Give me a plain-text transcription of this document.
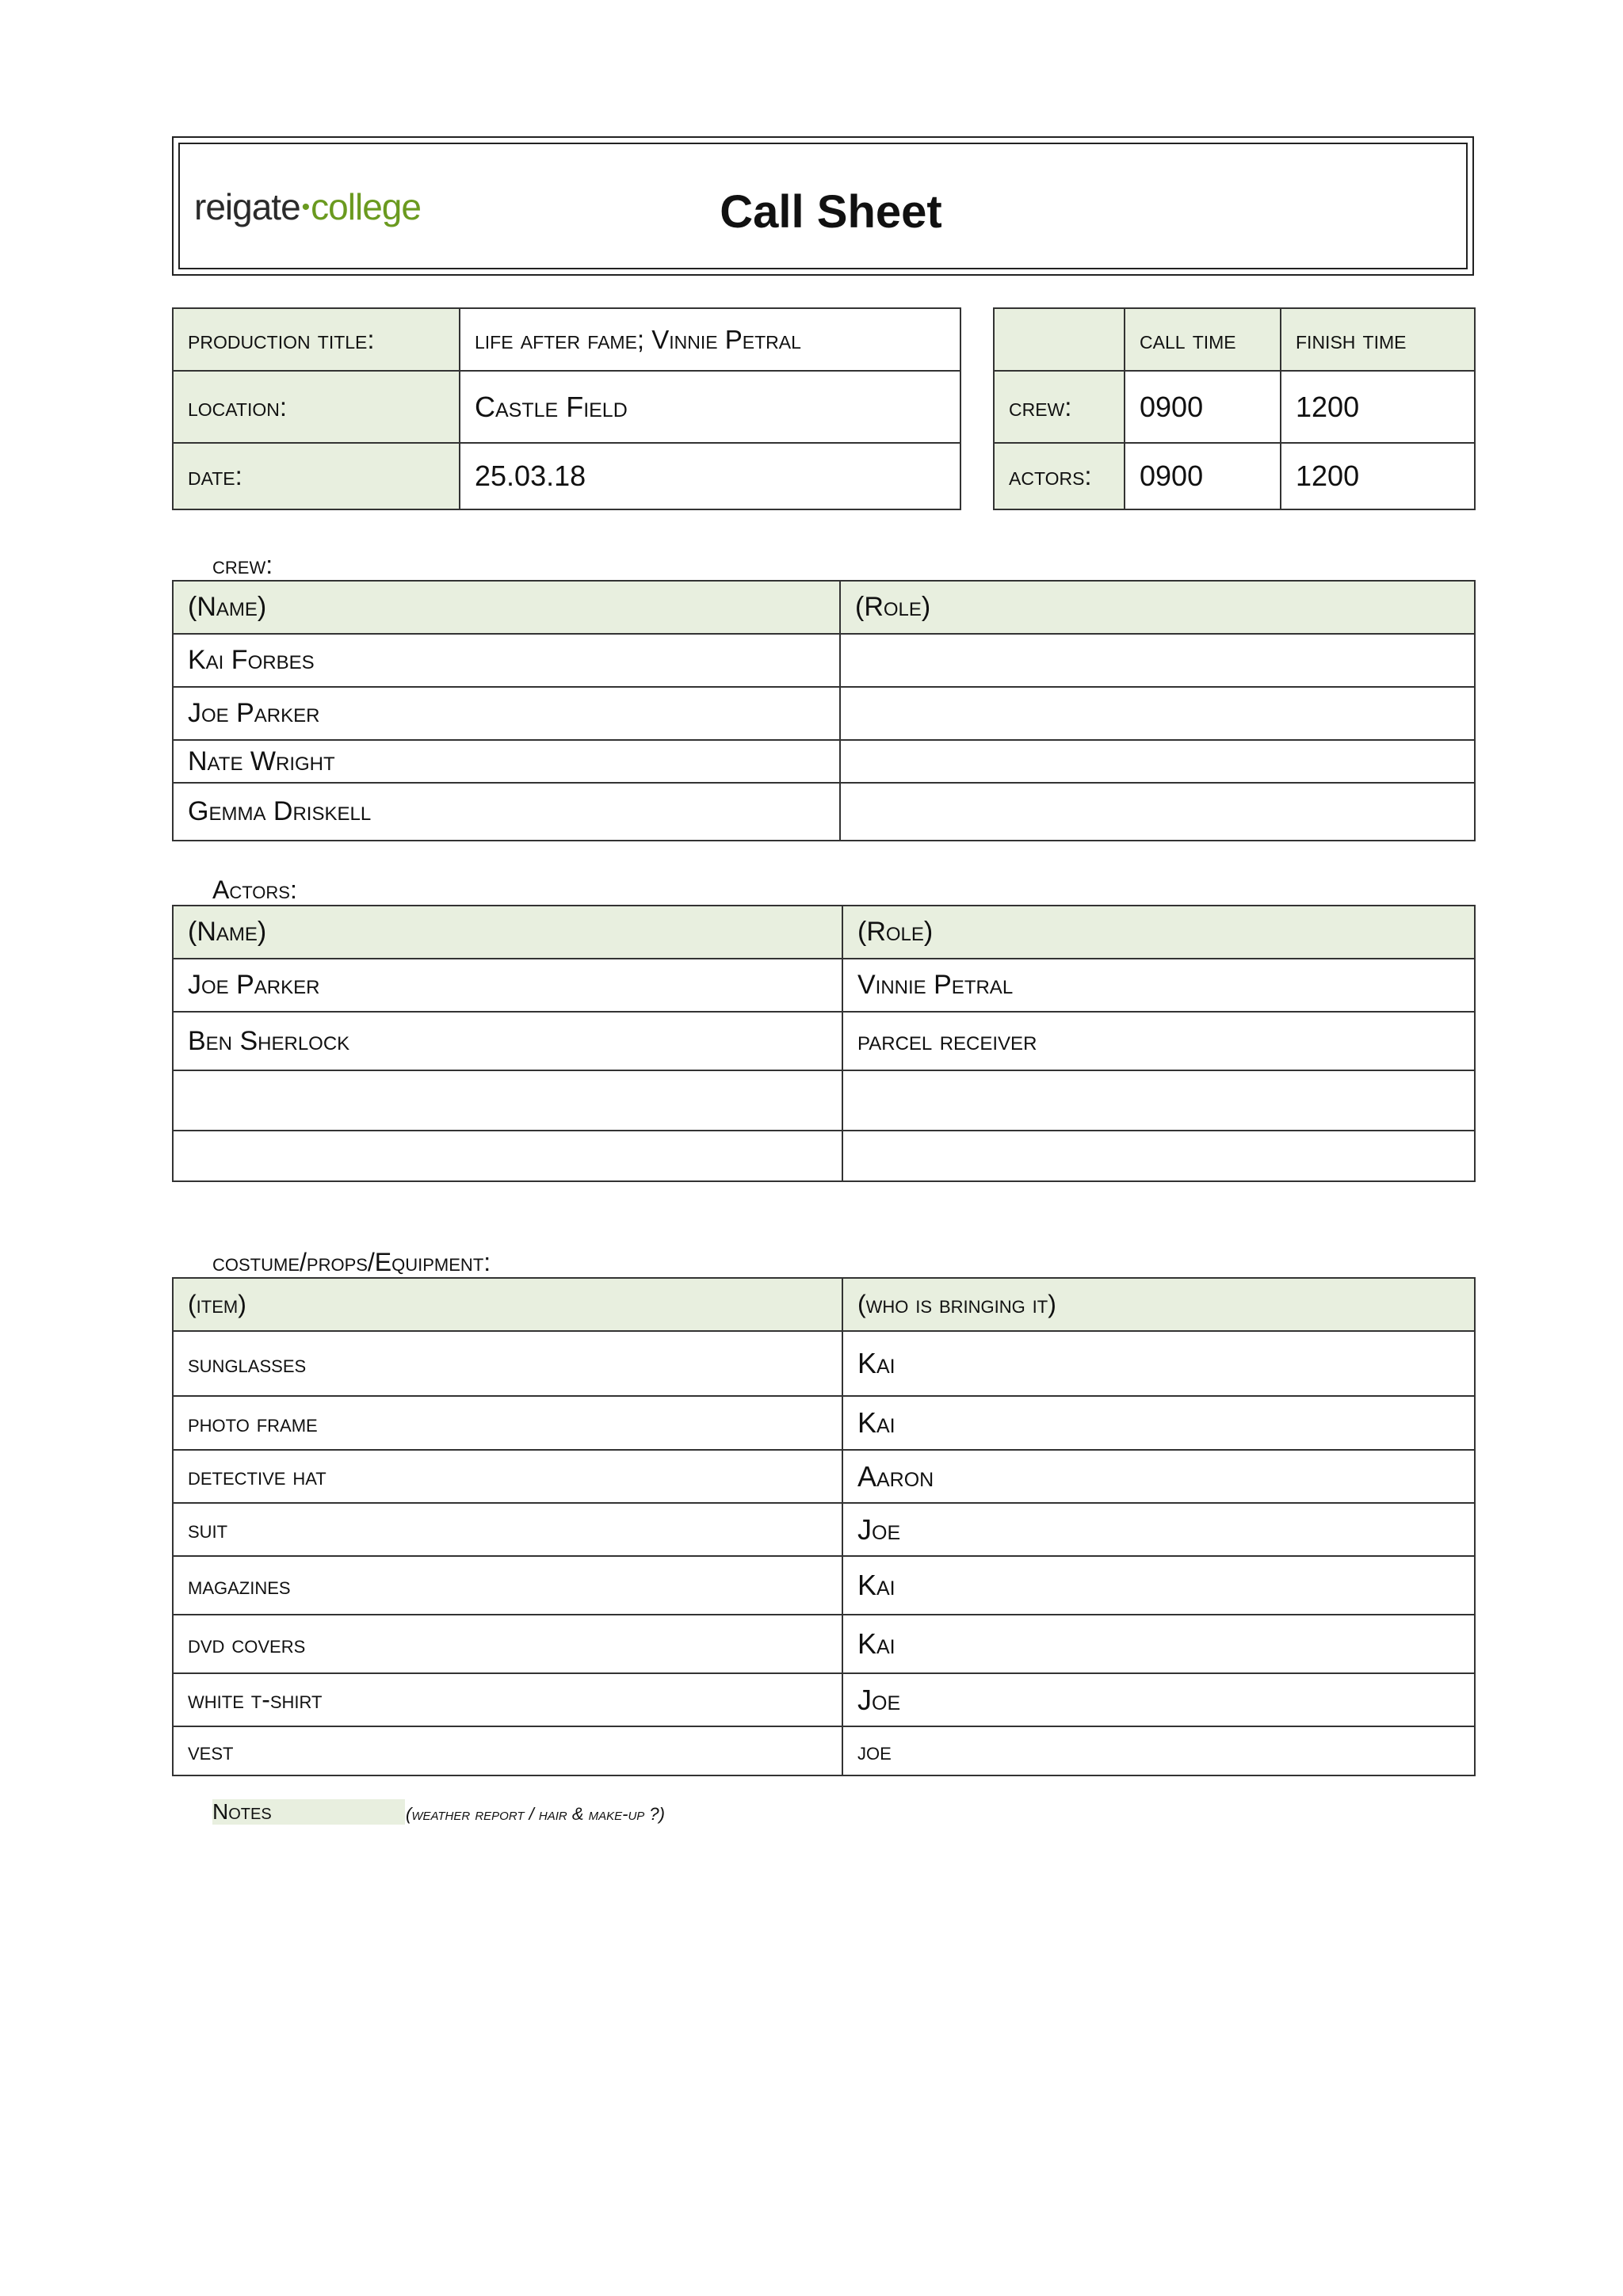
reigate•college	Call Sheet
production title:	life after fame; Vinnie Petral
location:	Castle Field
date:	25.03.18
	call time	finish time
crew:	0900	1200
actors:	0900	1200
crew:
(Name)	(Role)
Kai Forbes	
Joe Parker	
Nate Wright	
Gemma Driskell	
Actors:
(Name)	(Role)
Joe Parker	Vinnie Petral
Ben Sherlock	parcel receiver

costume/props/Equipment:
(item)	(who is bringing it)
sunglasses	Kai
photo frame	Kai
detective hat	Aaron
suit	Joe
magazines	Kai
dvd covers	Kai
white t-shirt	Joe
vest	joe
Notes	(weather report / hair & make-up ?)
